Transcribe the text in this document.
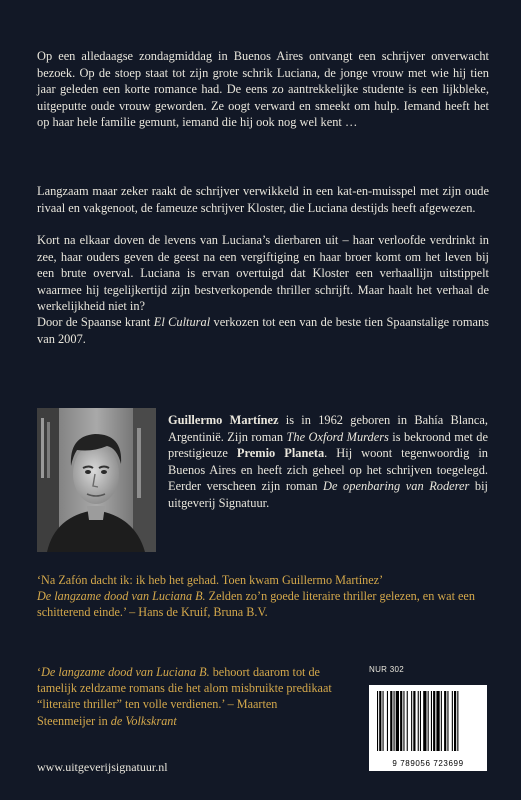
Op een alledaagse zondagmiddag in Buenos Aires ontvangt een schrijver onverwacht bezoek. Op de stoep staat tot zijn grote schrik Luciana, de jonge vrouw met wie hij tien jaar geleden een korte romance had. De eens zo aantrekkelijke studente is een lijkbleke, uitgeputte oude vrouw geworden. Ze oogt verward en smeekt om hulp. Iemand heeft het op haar hele familie gemunt, iemand die hij ook nog wel kent …

Langzaam maar zeker raakt de schrijver verwikkeld in een kat-en-muisspel met zijn oude rivaal en vakgenoot, de fameuze schrijver Kloster, die Luciana destijds heeft afgewezen.

Kort na elkaar doven de levens van Luciana’s dierbaren uit – haar verloofde verdrinkt in zee, haar ouders geven de geest na een vergiftiging en haar broer komt om het leven bij een brute overval. Luciana is ervan overtuigd dat Kloster een verhaallijn uitstippelt waarmee hij tegelijkertijd zijn bestverkopende thriller schrijft. Maar haalt het verhaal de werkelijkheid niet in?

Door de Spaanse krant El Cultural verkozen tot een van de beste tien Spaanstalige romans van 2007.

Guillermo Martínez is in 1962 geboren in Bahía Blanca, Argentinië. Zijn roman The Oxford Murders is bekroond met de prestigieuze Premio Planeta. Hij woont tegenwoordig in Buenos Aires en heeft zich geheel op het schrijven toegelegd. Eerder verscheen zijn roman De openbaring van Roderer bij uitgeverij Signatuur.

‘Na Zafón dacht ik: ik heb het gehad. Toen kwam Guillermo Martínez’
De langzame dood van Luciana B. Zelden zo’n goede literaire thriller gelezen, en wat een schitterend einde.’ – Hans de Kruif, Bruna B.V.

‘De langzame dood van Luciana B. behoort daarom tot de tamelijk zeldzame romans die het alom misbruikte predikaat “literaire thriller” ten volle verdienen.’ – Maarten Steenmeijer in de Volkskrant

NUR 302
9 789056 723699
www.uitgeverijsignatuur.nl
